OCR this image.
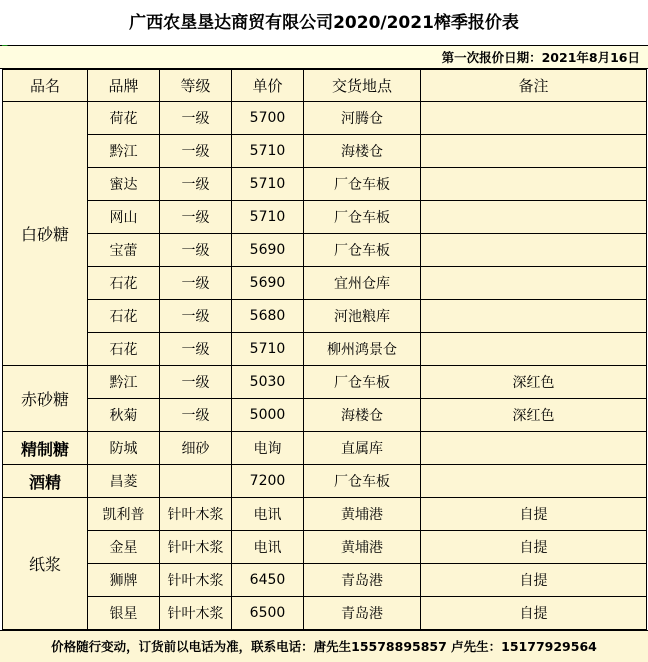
广西农垦垦达商贸有限公司2020/2021榨季报价表
第一次报价日期：2021年8月16日
品名	品牌	等级	单价	交货地点	备注
白砂糖	荷花	一级	5700	河腾仓	
	黔江	一级	5710	海楼仓	
	蜜达	一级	5710	厂仓车板	
	网山	一级	5710	厂仓车板	
	宝蕾	一级	5690	厂仓车板	
	石花	一级	5690	宜州仓库	
	石花	一级	5680	河池粮库	
	石花	一级	5710	柳州鸿景仓	
赤砂糖	黔江	一级	5030	厂仓车板	深红色
	秋菊	一级	5000	海楼仓	深红色
精制糖	防城	细砂	电询	直属库	
酒精	昌菱		7200	厂仓车板	
纸浆	凯利普	针叶木浆	电讯	黄埔港	自提
	金星	针叶木浆	电讯	黄埔港	自提
	狮牌	针叶木浆	6450	青岛港	自提
	银星	针叶木浆	6500	青岛港	自提
价格随行变动，订货前以电话为准，联系电话：唐先生15578895857 卢先生：15177929564
